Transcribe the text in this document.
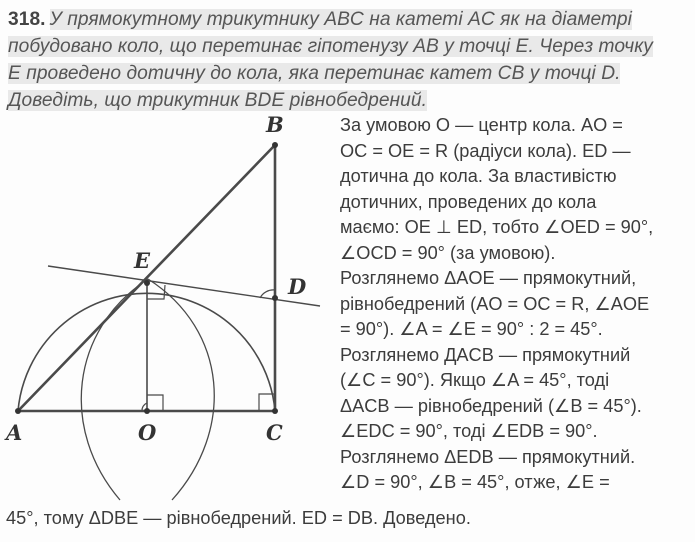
318. У прямокутному трикутнику ABC на катеті AC як на діаметрі
побудовано коло, що перетинає гіпотенузу AB у точці E. Через точку
E проведено дотичну до кола, яка перетинає катет CB у точці D.
Доведіть, що трикутник BDE рівнобедрений.
A
B
C
D
E
O
За умовою O — центр кола. AO =
OC = OE = R (радіуси кола). ED —
дотична до кола. За властивістю
дотичних, проведених до кола
маємо: OE ⊥ ED, тобто ∠OED = 90°,
∠OCD = 90° (за умовою).
Розглянемо ΔAOE — прямокутний,
рівнобедрений (AO = OC = R, ∠AOE
= 90°). ∠A = ∠E = 90° : 2 = 45°.
Розглянемо ДACB — прямокутний
(∠C = 90°). Якщо ∠A = 45°, тоді
ΔACB — рівнобедрений (∠B = 45°).
∠EDC = 90°, тоді ∠EDB = 90°.
Розглянемо ΔEDB — прямокутний.
∠D = 90°, ∠B = 45°, отже, ∠E =
45°, тому ΔDBE — рівнобедрений. ED = DB. Доведено.
